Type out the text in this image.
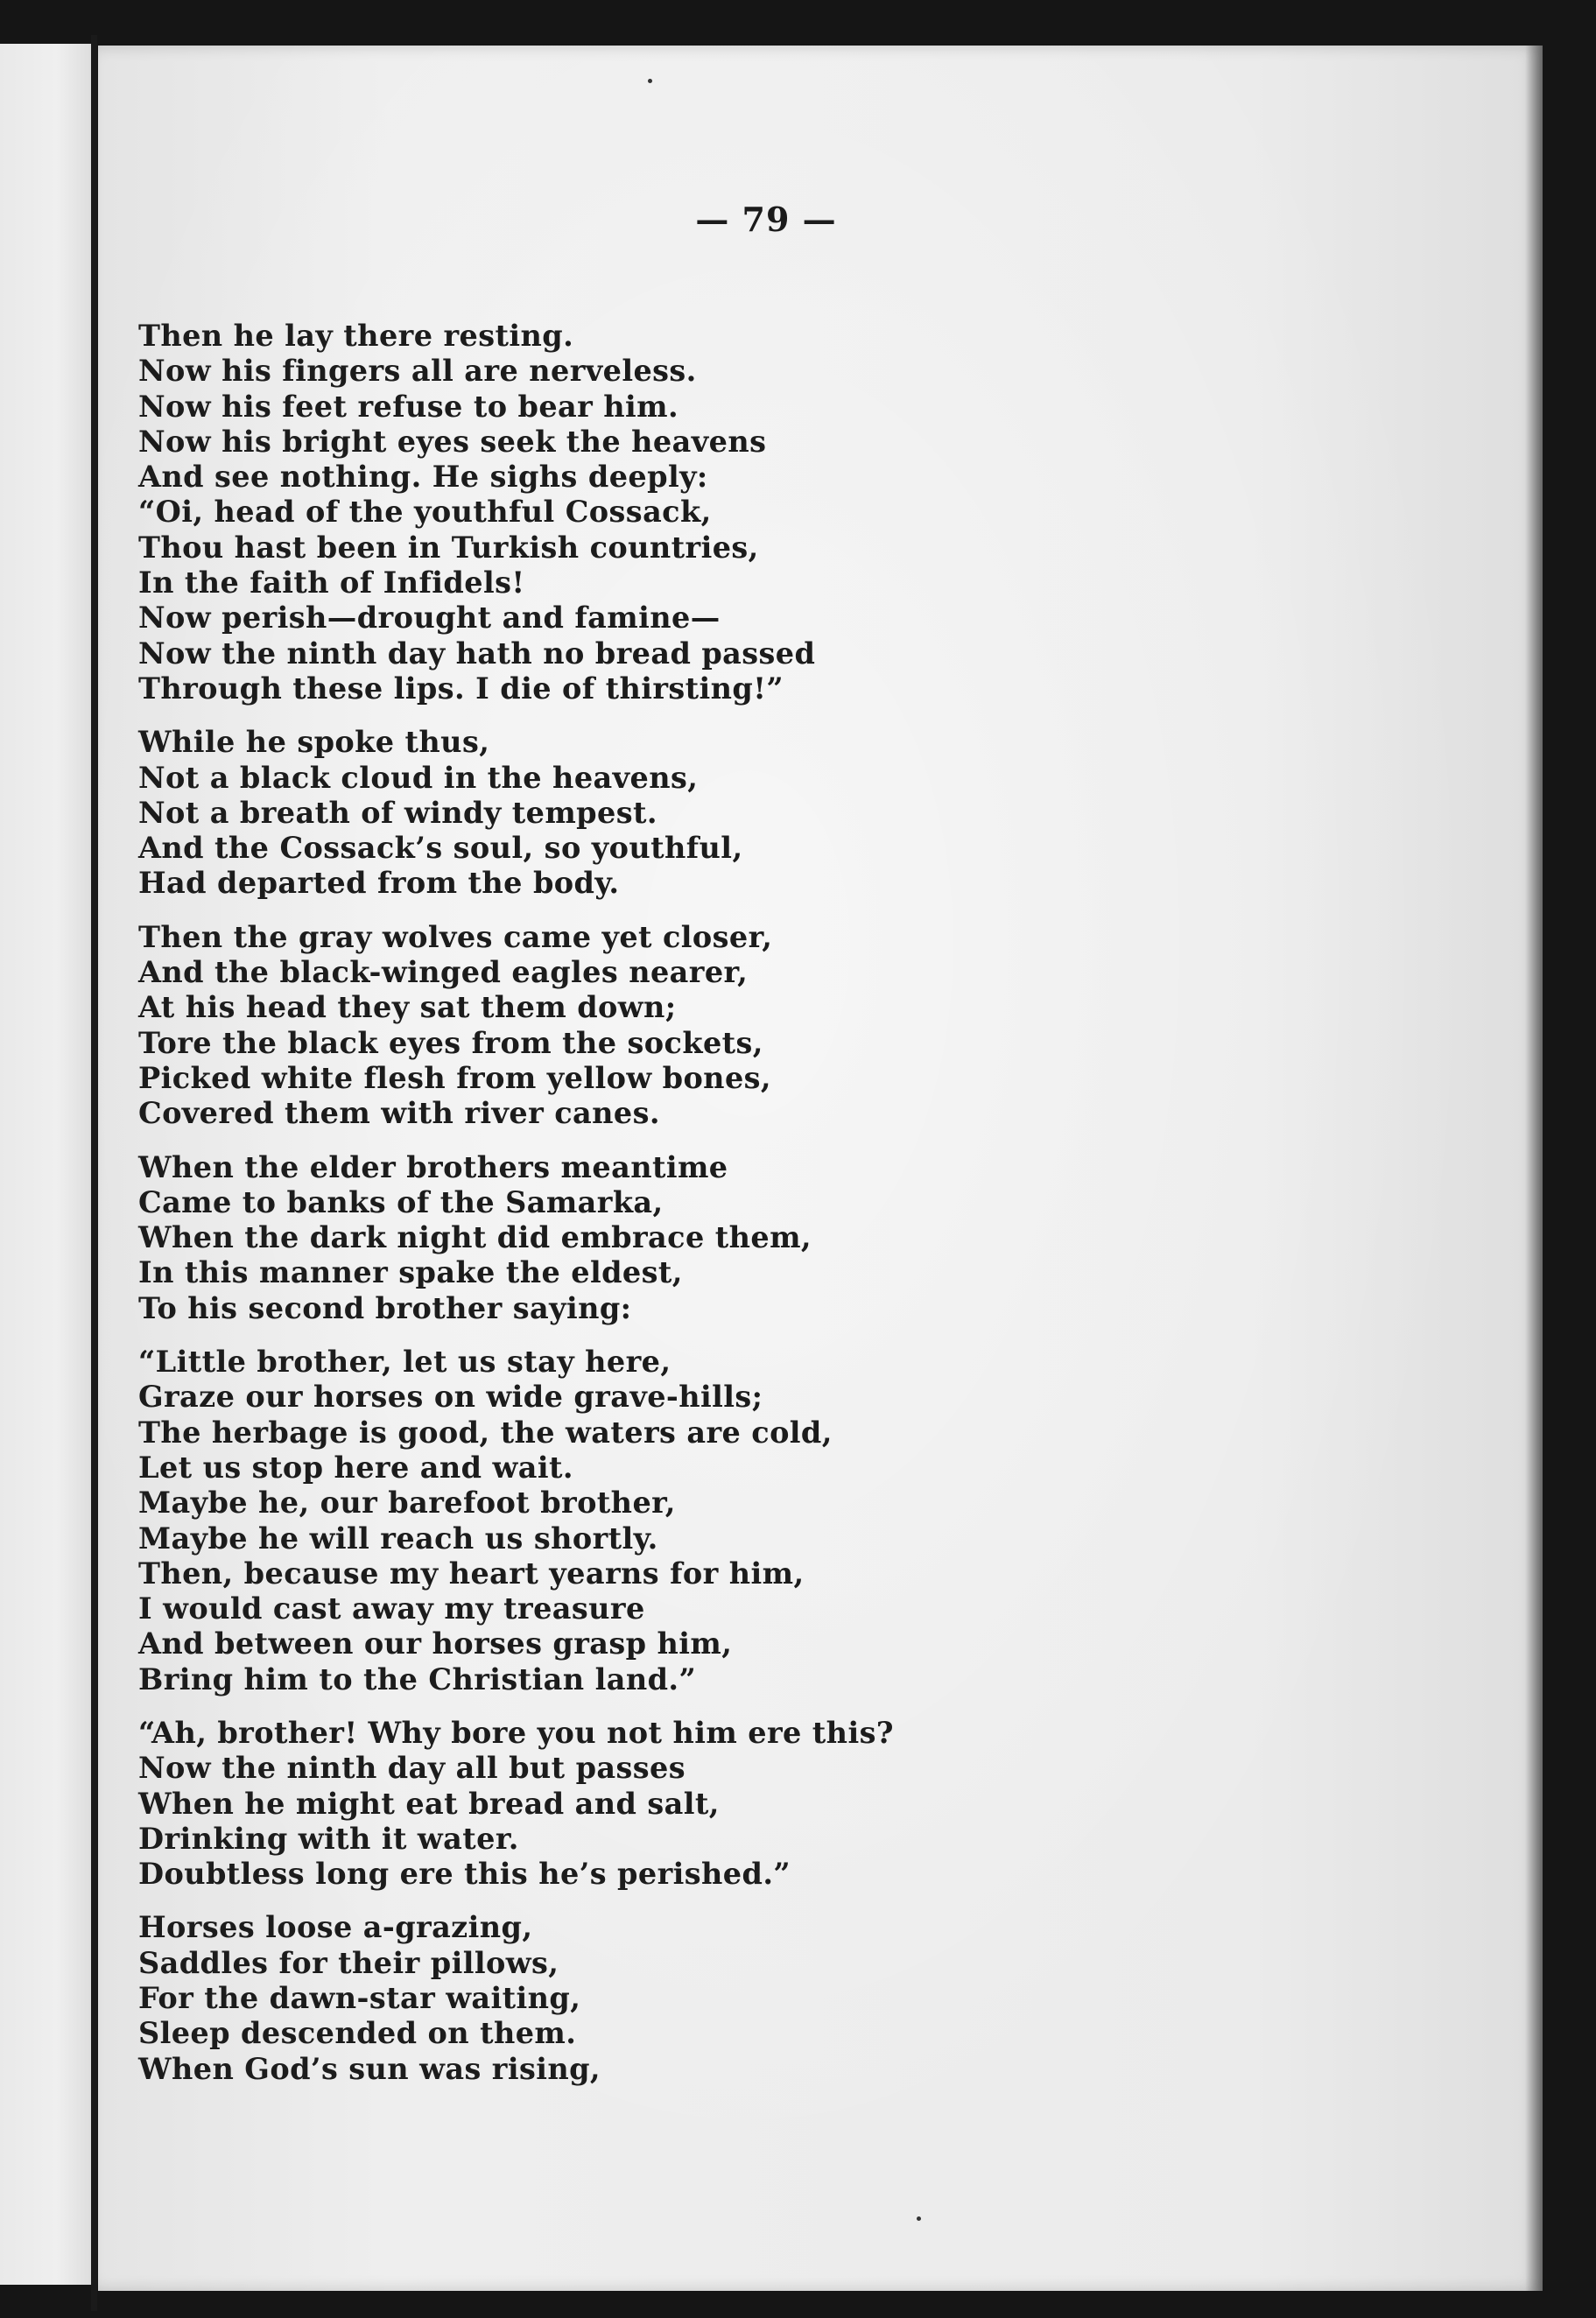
— 79 —
Then he lay there resting.
Now his fingers all are nerveless.
Now his feet refuse to bear him.
Now his bright eyes seek the heavens
And see nothing. He sighs deeply:
“Oi, head of the youthful Cossack,
Thou hast been in Turkish countries,
In the faith of Infidels!
Now perish—drought and famine—
Now the ninth day hath no bread passed
Through these lips. I die of thirsting!”
While he spoke thus,
Not a black cloud in the heavens,
Not a breath of windy tempest.
And the Cossack’s soul, so youthful,
Had departed from the body.
Then the gray wolves came yet closer,
And the black-winged eagles nearer,
At his head they sat them down;
Tore the black eyes from the sockets,
Picked white flesh from yellow bones,
Covered them with river canes.
When the elder brothers meantime
Came to banks of the Samarka,
When the dark night did embrace them,
In this manner spake the eldest,
To his second brother saying:
“Little brother, let us stay here,
Graze our horses on wide grave-hills;
The herbage is good, the waters are cold,
Let us stop here and wait.
Maybe he, our barefoot brother,
Maybe he will reach us shortly.
Then, because my heart yearns for him,
I would cast away my treasure
And between our horses grasp him,
Bring him to the Christian land.”
“Ah, brother! Why bore you not him ere this?
Now the ninth day all but passes
When he might eat bread and salt,
Drinking with it water.
Doubtless long ere this he’s perished.”
Horses loose a-grazing,
Saddles for their pillows,
For the dawn-star waiting,
Sleep descended on them.
When God’s sun was rising,
